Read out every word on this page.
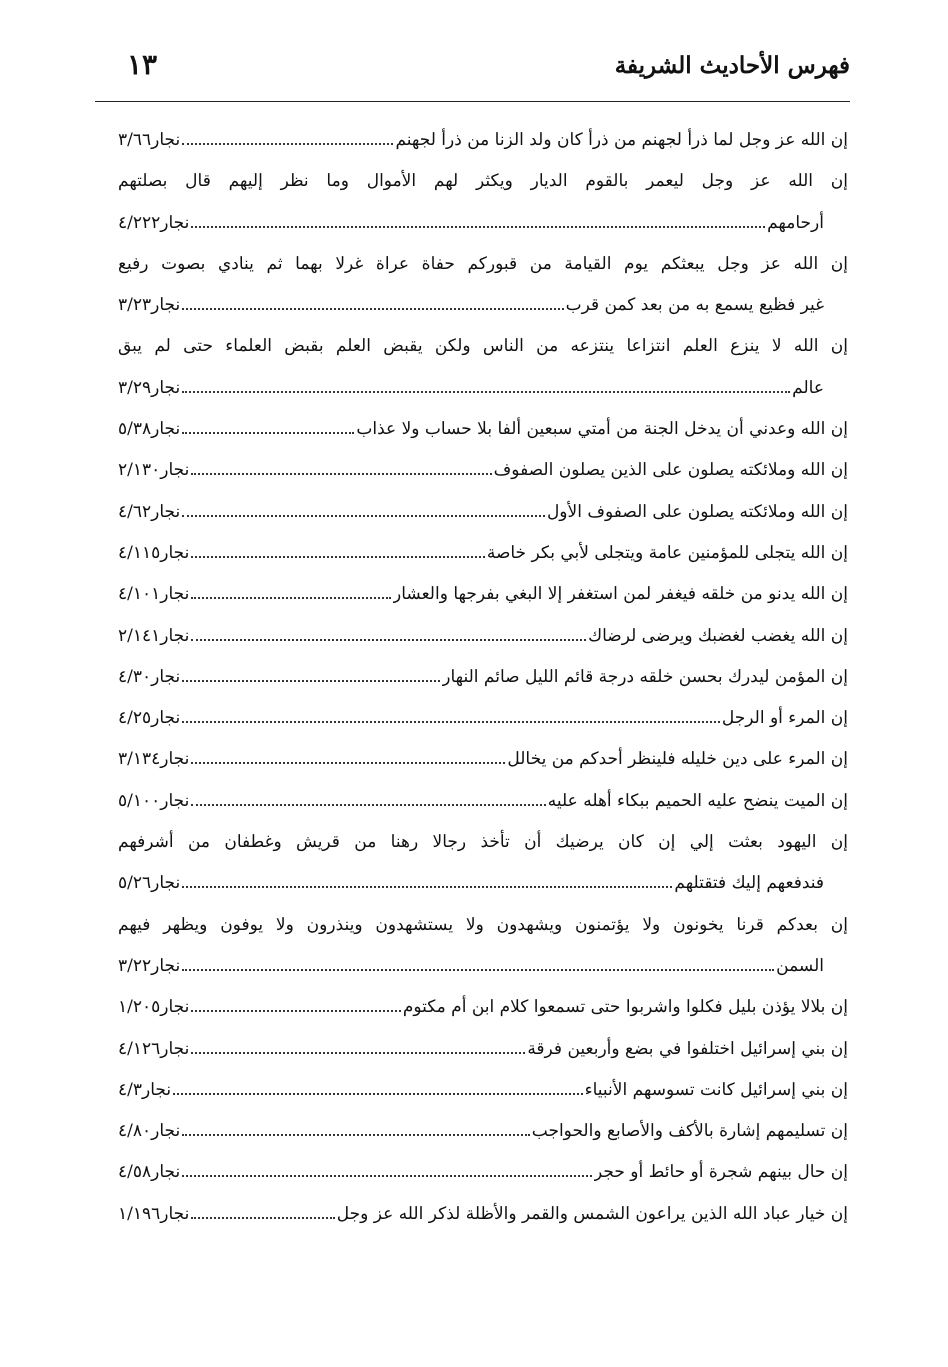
فهرس الأحاديث الشريفة
١٣
إن الله عز وجل لما ذرأ لجهنم من ذرأ كان ولد الزنا من ذرأ لجهنم
نجار٣/٦٦
إن الله عز وجل ليعمر بالقوم الديار ويكثر لهم الأموال وما نظر إليهم قال بصلتهم
أرحامهم
نجار٤/٢٢٢
إن الله عز وجل يبعثكم يوم القيامة من قبوركم حفاة عراة غرلا بهما ثم ينادي بصوت رفيع
غير فظيع يسمع به من بعد كمن قرب
نجار٣/٢٣
إن الله لا ينزع العلم انتزاعا ينتزعه من الناس ولكن يقبض العلم بقبض العلماء حتى لم يبق
عالم
نجار٣/٢٩
إن الله وعدني أن يدخل الجنة من أمتي سبعين ألفا بلا حساب ولا عذاب
نجار٥/٣٨
إن الله وملائكته يصلون على الذين يصلون الصفوف
نجار٢/١٣٠
إن الله وملائكته يصلون على الصفوف الأول
نجار٤/٦٢
إن الله يتجلى للمؤمنين عامة ويتجلى لأبي بكر خاصة
نجار٤/١١٥
إن الله يدنو من خلقه فيغفر لمن استغفر إلا البغي بفرجها والعشار
نجار٤/١٠١
إن الله يغضب لغضبك ويرضى لرضاك
نجار٢/١٤١
إن المؤمن ليدرك بحسن خلقه درجة قائم الليل صائم النهار
نجار٤/٣٠
إن المرء أو الرجل
نجار٤/٢٥
إن المرء على دين خليله فلينظر أحدكم من يخالل
نجار٣/١٣٤
إن الميت ينضح عليه الحميم ببكاء أهله عليه
نجار٥/١٠٠
إن اليهود بعثت إلي إن كان يرضيك أن تأخذ رجالا رهنا من قريش وغطفان من أشرفهم
فندفعهم إليك فتقتلهم
نجار٥/٢٦
إن بعدكم قرنا يخونون ولا يؤتمنون ويشهدون ولا يستشهدون وينذرون ولا يوفون ويظهر فيهم
السمن
نجار٣/٢٢
إن بلالا يؤذن بليل فكلوا واشربوا حتى تسمعوا كلام ابن أم مكتوم
نجار١/٢٠٥
إن بني إسرائيل اختلفوا في بضع وأربعين فرقة
نجار٤/١٢٦
إن بني إسرائيل كانت تسوسهم الأنبياء
نجار٤/٣
إن تسليمهم إشارة بالأكف والأصابع والحواجب
نجار٤/٨٠
إن حال بينهم شجرة أو حائط أو حجر
نجار٤/٥٨
إن خيار عباد الله الذين يراعون الشمس والقمر والأظلة لذكر الله عز وجل
نجار١/١٩٦
